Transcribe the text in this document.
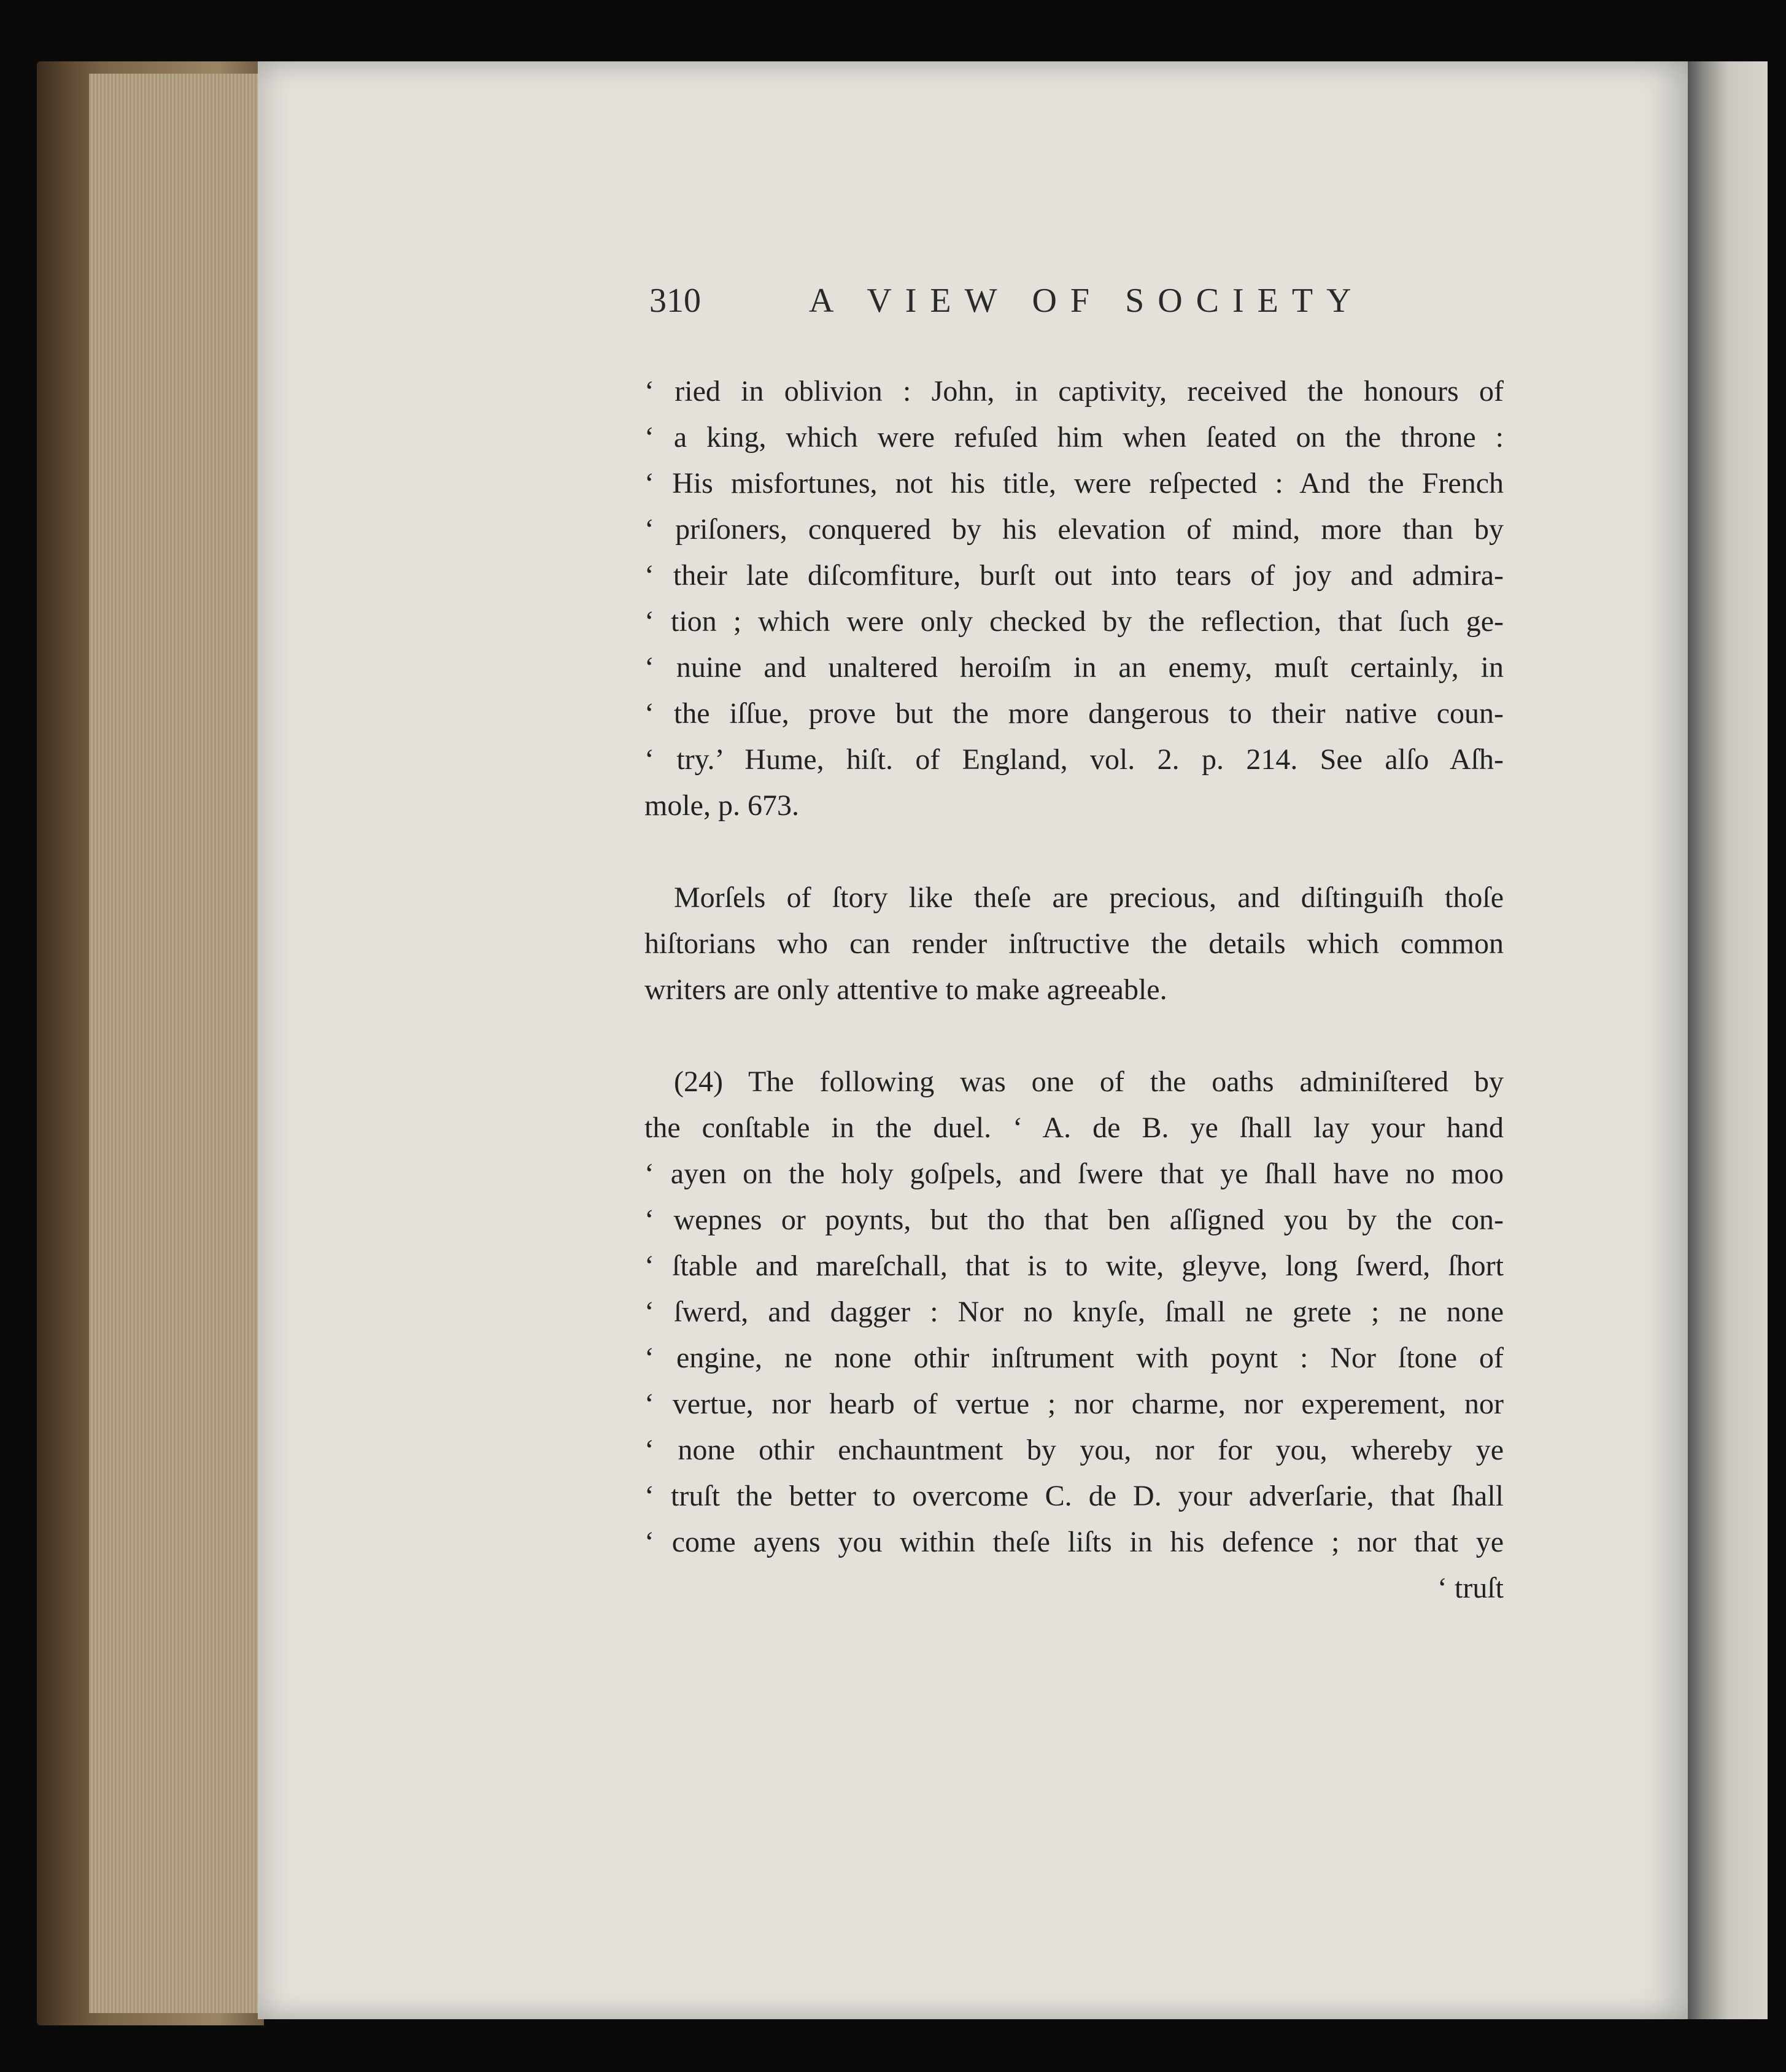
310	A VIEW OF SOCIETY
‘ ried in oblivion : John, in captivity, received the honours of
‘ a king, which were refuſed him when ſeated on the throne :
‘ His misfortunes, not his title, were reſpected : And the French
‘ priſoners, conquered by his elevation of mind, more than by
‘ their late diſcomfiture, burſt out into tears of joy and admira-
‘ tion ; which were only checked by the reflection, that ſuch ge-
‘ nuine and unaltered heroiſm in an enemy, muſt certainly, in
‘ the iſſue, prove but the more dangerous to their native coun-
‘ try.’ Hume, hiſt. of England, vol. 2. p. 214. See alſo Aſh-
mole, p. 673.
Morſels of ſtory like theſe are precious, and diſtinguiſh thoſe
hiſtorians who can render inſtructive the details which common
writers are only attentive to make agreeable.
(24) The following was one of the oaths adminiſtered by
the conſtable in the duel. ‘ A. de B. ye ſhall lay your hand
‘ ayen on the holy goſpels, and ſwere that ye ſhall have no moo
‘ wepnes or poynts, but tho that ben aſſigned you by the con-
‘ ſtable and mareſchall, that is to wite, gleyve, long ſwerd, ſhort
‘ ſwerd, and dagger : Nor no knyſe, ſmall ne grete ; ne none
‘ engine, ne none othir inſtrument with poynt : Nor ſtone of
‘ vertue, nor hearb of vertue ; nor charme, nor experement, nor
‘ none othir enchauntment by you, nor for you, whereby ye
‘ truſt the better to overcome C. de D. your adverſarie, that ſhall
‘ come ayens you within theſe liſts in his defence ; nor that ye
‘ truſt
